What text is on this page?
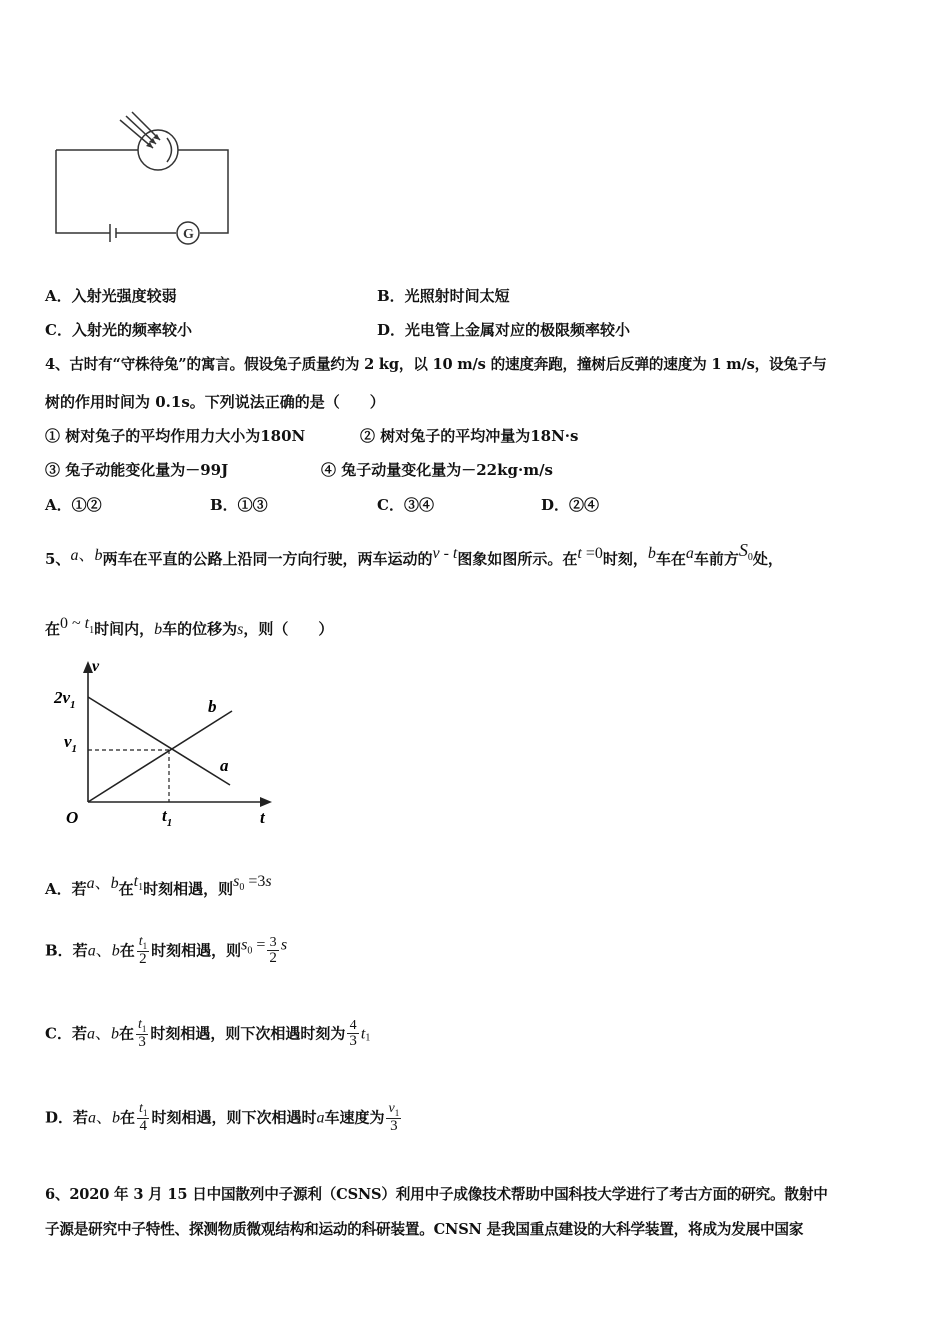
G
A．入射光强度较弱	B．光照射时间太短
C．入射光的频率较小	D．光电管上金属对应的极限频率较小
4、古时有“守株待兔”的寓言。假设兔子质量约为 2 kg，以 10 m/s 的速度奔跑，撞树后反弹的速度为 1 m/s，设兔子与
树的作用时间为 0.1s。下列说法正确的是（　　）
① 树对兔子的平均作用力大小为180N	② 树对兔子的平均冲量为18N·s
③ 兔子动能变化量为－99J	④ 兔子动量变化量为－22kg·m/s
A．①②	B．①③	C．③④	D．②④
5、a、b两车在平直的公路上沿同一方向行驶，两车运动的v - t图象如图所示。在t =0时刻，b车在a车前方$S^0$处，
在0 ~ t1时间内，b车的位移为s，则（　　）
v
t
O
$2v_1$
$v_1$
$t_1$
b
a
A．若a、b在$t^1$时刻相遇，则$s^0 =3s$
B．若a、b在 $\frac{t_1}{2}$ 时刻相遇，则$s^0 = \frac{3}{2}$ s
C．若a、b在 $\frac{t_1}{3}$ 时刻相遇，则下次相遇时刻为 $\frac{4}{3} t_1$
D．若a、b在 $\frac{t_1}{4}$ 时刻相遇，则下次相遇时a车速度为 $\frac{v_1}{3}$
6、2020 年 3 月 15 日中国散列中子源利（CSNS）利用中子成像技术帮助中国科技大学进行了考古方面的研究。散射中
子源是研究中子特性、探测物质微观结构和运动的科研装置。CNSN 是我国重点建设的大科学装置，将成为发展中国家
